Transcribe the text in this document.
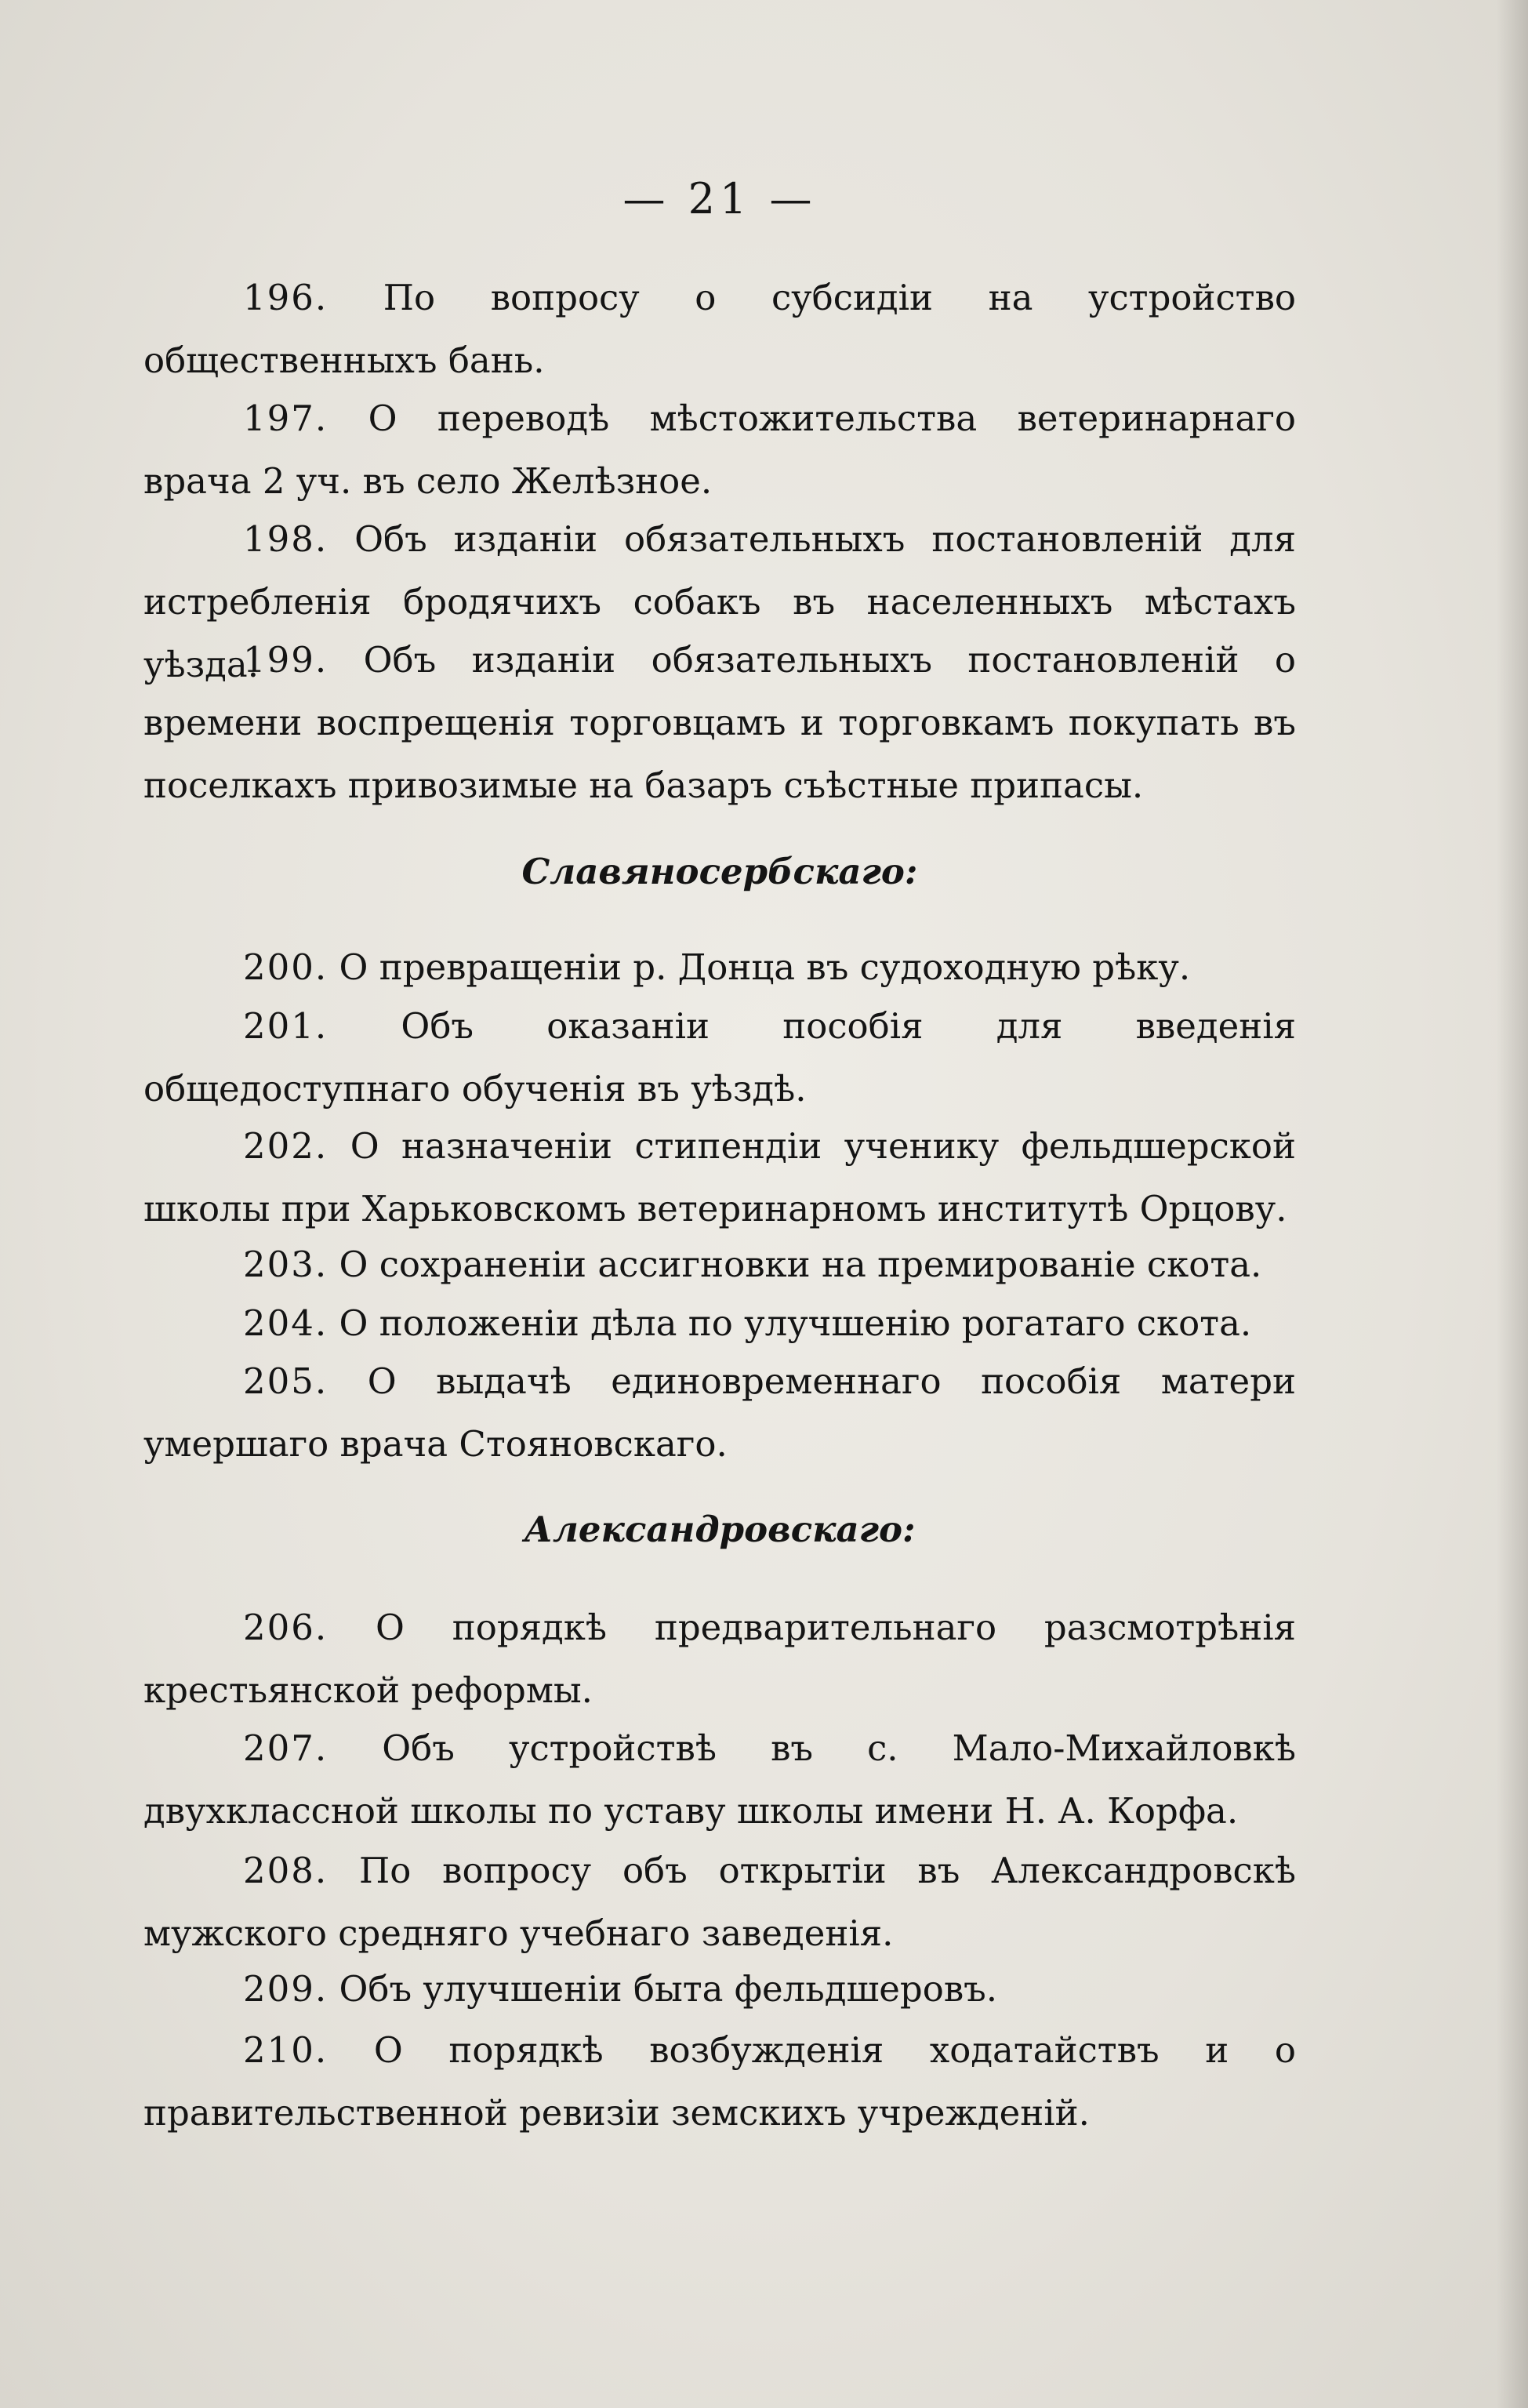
— 21 —

196. По вопросу о субсидіи на устройство общественныхъ бань.

197. О переводѣ мѣстожительства ветеринарнаго врача 2 уч. въ село Желѣзное.

198. Объ изданіи обязательныхъ постановленій для истребленія бродячихъ собакъ въ населенныхъ мѣстахъ уѣзда.

199. Объ изданіи обязательныхъ постановленій о времени воспрещенія торговцамъ и торговкамъ покупать въ поселкахъ привозимые на базаръ съѣстные припасы.

Славяносербскаго:

200. О превращеніи р. Донца въ судоходную рѣку.

201. Объ оказаніи пособія для введенія общедоступнаго обученія въ уѣздѣ.

202. О назначеніи стипендіи ученику фельдшерской школы при Харьковскомъ ветеринарномъ институтѣ Орцову.

203. О сохраненіи ассигновки на премированіе скота.

204. О положеніи дѣла по улучшенію рогатаго скота.

205. О выдачѣ единовременнаго пособія матери умершаго врача Стояновскаго.

Александровскаго:

206. О порядкѣ предварительнаго разсмотрѣнія крестьянской реформы.

207. Объ устройствѣ въ с. Мало-Михайловкѣ двухклассной школы по уставу школы имени Н. А. Корфа.

208. По вопросу объ открытіи въ Александровскѣ мужского средняго учебнаго заведенія.

209. Объ улучшеніи быта фельдшеровъ.

210. О порядкѣ возбужденія ходатайствъ и о правительственной ревизіи земскихъ учрежденій.
